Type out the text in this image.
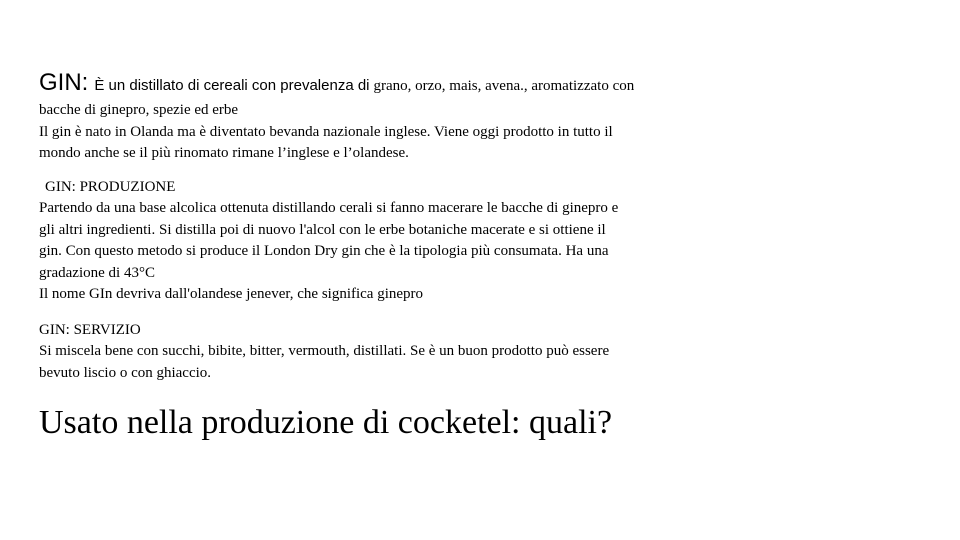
GIN: È un distillato di cereali con prevalenza di grano, orzo, mais, avena., aromatizzato con
bacche di ginepro, spezie ed erbe
Il gin è nato in Olanda ma è diventato bevanda nazionale inglese. Viene oggi prodotto in tutto il
mondo anche se il più rinomato rimane l’inglese e l’olandese.
GIN: PRODUZIONE
Partendo da una base alcolica ottenuta distillando cerali si fanno macerare le bacche di ginepro e
gli altri ingredienti. Si distilla poi di nuovo l'alcol con le erbe botaniche macerate e si ottiene il
gin. Con questo metodo si produce il London Dry gin che è la tipologia più consumata. Ha una
gradazione di 43°C
Il nome GIn devriva dall'olandese jenever, che significa ginepro
GIN: SERVIZIO
Si miscela bene con succhi, bibite, bitter, vermouth, distillati. Se è un buon prodotto può essere
bevuto liscio o con ghiaccio.
Usato nella produzione di cocketel: quali?
